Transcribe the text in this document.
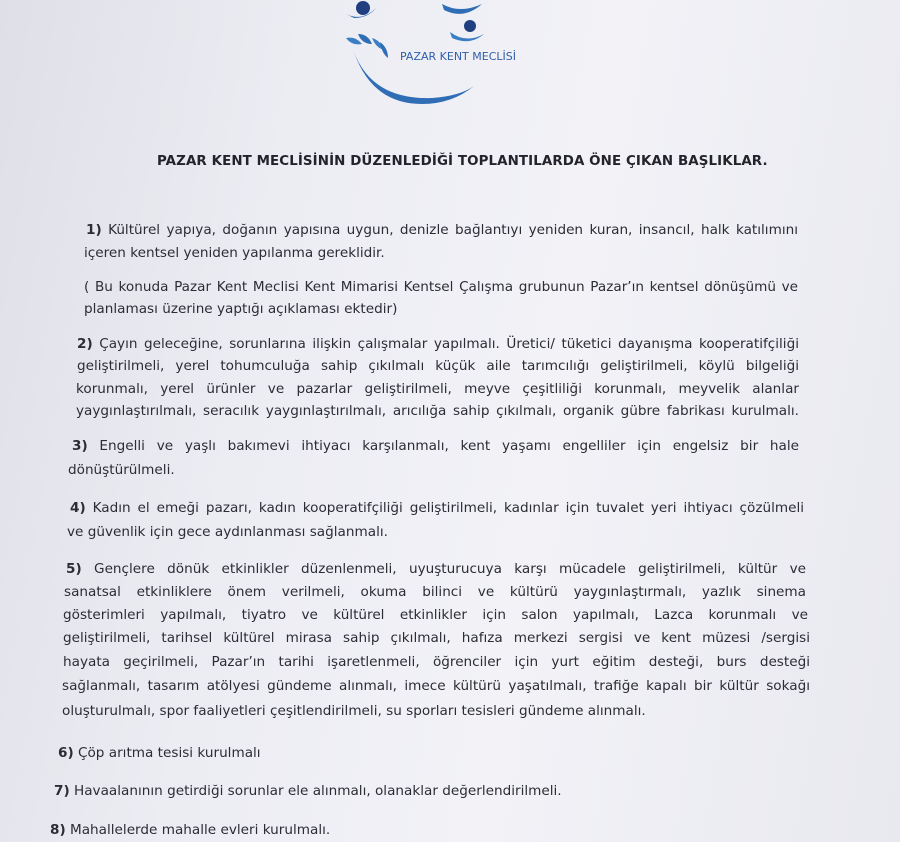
PAZAR KENT MECLİSİ
PAZAR KENT MECLİSİNİN DÜZENLEDİĞİ TOPLANTILARDA ÖNE ÇIKAN BAŞLIKLAR.
1) Kültürel yapıya, doğanın yapısına uygun, denizle bağlantıyı yeniden kuran, insancıl, halk katılımını
içeren kentsel yeniden yapılanma gereklidir.
( Bu konuda Pazar Kent Meclisi Kent Mimarisi Kentsel Çalışma grubunun Pazar’ın kentsel dönüşümü ve
planlaması üzerine yaptığı açıklaması ektedir)
2) Çayın geleceğine, sorunlarına ilişkin çalışmalar yapılmalı. Üretici/ tüketici dayanışma kooperatifçiliği
geliştirilmeli, yerel tohumculuğa sahip çıkılmalı küçük aile tarımcılığı geliştirilmeli, köylü bilgeliği
korunmalı, yerel ürünler ve pazarlar geliştirilmeli, meyve çeşitliliği korunmalı, meyvelik alanlar
yaygınlaştırılmalı, seracılık yaygınlaştırılmalı, arıcılığa sahip çıkılmalı, organik gübre fabrikası kurulmalı.
3) Engelli ve yaşlı bakımevi ihtiyacı karşılanmalı, kent yaşamı engelliler için engelsiz bir hale
dönüştürülmeli.
4) Kadın el emeği pazarı, kadın kooperatifçiliği geliştirilmeli, kadınlar için tuvalet yeri ihtiyacı çözülmeli
ve güvenlik için gece aydınlanması sağlanmalı.
5) Gençlere dönük etkinlikler düzenlenmeli, uyuşturucuya karşı mücadele geliştirilmeli, kültür ve
sanatsal etkinliklere önem verilmeli, okuma bilinci ve kültürü yaygınlaştırmalı, yazlık sinema
gösterimleri yapılmalı, tiyatro ve kültürel etkinlikler için salon yapılmalı, Lazca korunmalı ve
geliştirilmeli, tarihsel kültürel mirasa sahip çıkılmalı, hafıza merkezi sergisi ve kent müzesi /sergisi
hayata geçirilmeli, Pazar’ın tarihi işaretlenmeli, öğrenciler için yurt eğitim desteği, burs desteği
sağlanmalı, tasarım atölyesi gündeme alınmalı, imece kültürü yaşatılmalı, trafiğe kapalı bir kültür sokağı
oluşturulmalı, spor faaliyetleri çeşitlendirilmeli, su sporları tesisleri gündeme alınmalı.
6) Çöp arıtma tesisi kurulmalı
7) Havaalanının getirdiği sorunlar ele alınmalı, olanaklar değerlendirilmeli.
8) Mahallelerde mahalle evleri kurulmalı.
